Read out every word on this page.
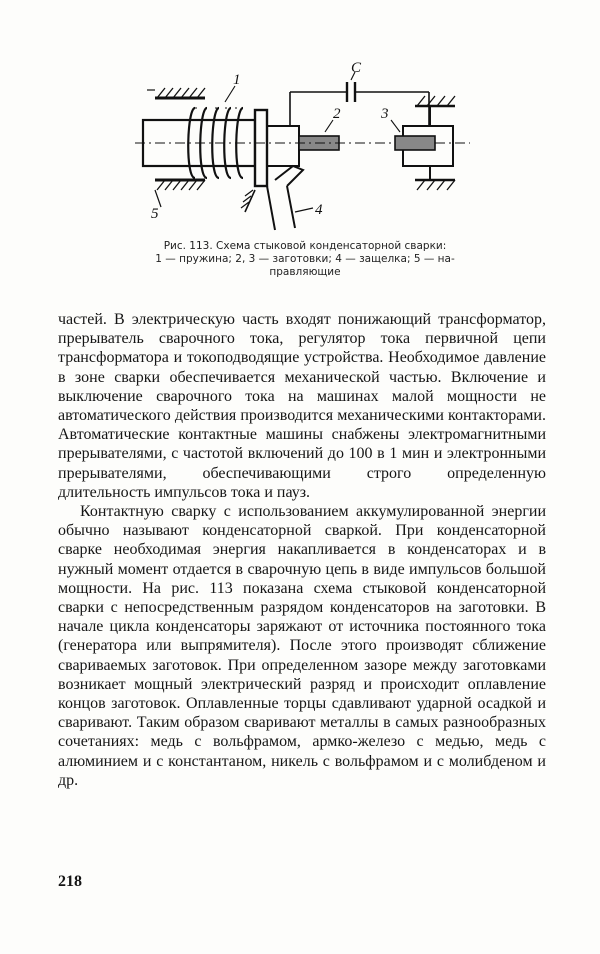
1
2	3
4
5
C
Рис. 113. Схема стыковой конденсаторной сварки:
1 — пружина; 2, 3 — заготовки; 4 — защелка; 5 — на-
правляющие

частей. В электрическую часть входят понижающий трансформатор, прерыватель сварочного тока, регулятор тока первичной цепи трансформатора и токоподводящие устройства. Необходимое давление в зоне сварки обеспечивается механической частью. Включение и выключение сварочного тока на машинах малой мощности не автоматического действия производится механическими контакторами. Автоматические контактные машины снабжены электромагнитными прерывателями, с частотой включений до 100 в 1 мин и электронными прерывателями, обеспечивающими строго определенную длительность импульсов тока и пауз.

Контактную сварку с использованием аккумулированной энергии обычно называют конденсаторной сваркой. При конденсаторной сварке необходимая энергия накапливается в конденсаторах и в нужный момент отдается в сварочную цепь в виде импульсов большой мощности. На рис. 113 показана схема стыковой конденсаторной сварки с непосредственным разрядом конденсаторов на заготовки. В начале цикла конденсаторы заряжают от источника постоянного тока (генератора или выпрямителя). После этого производят сближение свариваемых заготовок. При определенном зазоре между заготовками возникает мощный электрический разряд и происходит оплавление концов заготовок. Оплавленные торцы сдавливают ударной осадкой и сваривают. Таким образом сваривают металлы в самых разнообразных сочетаниях: медь с вольфрамом, армко-железо с медью, медь с алюминием и с константаном, никель с вольфрамом и с молибденом и др.

218
